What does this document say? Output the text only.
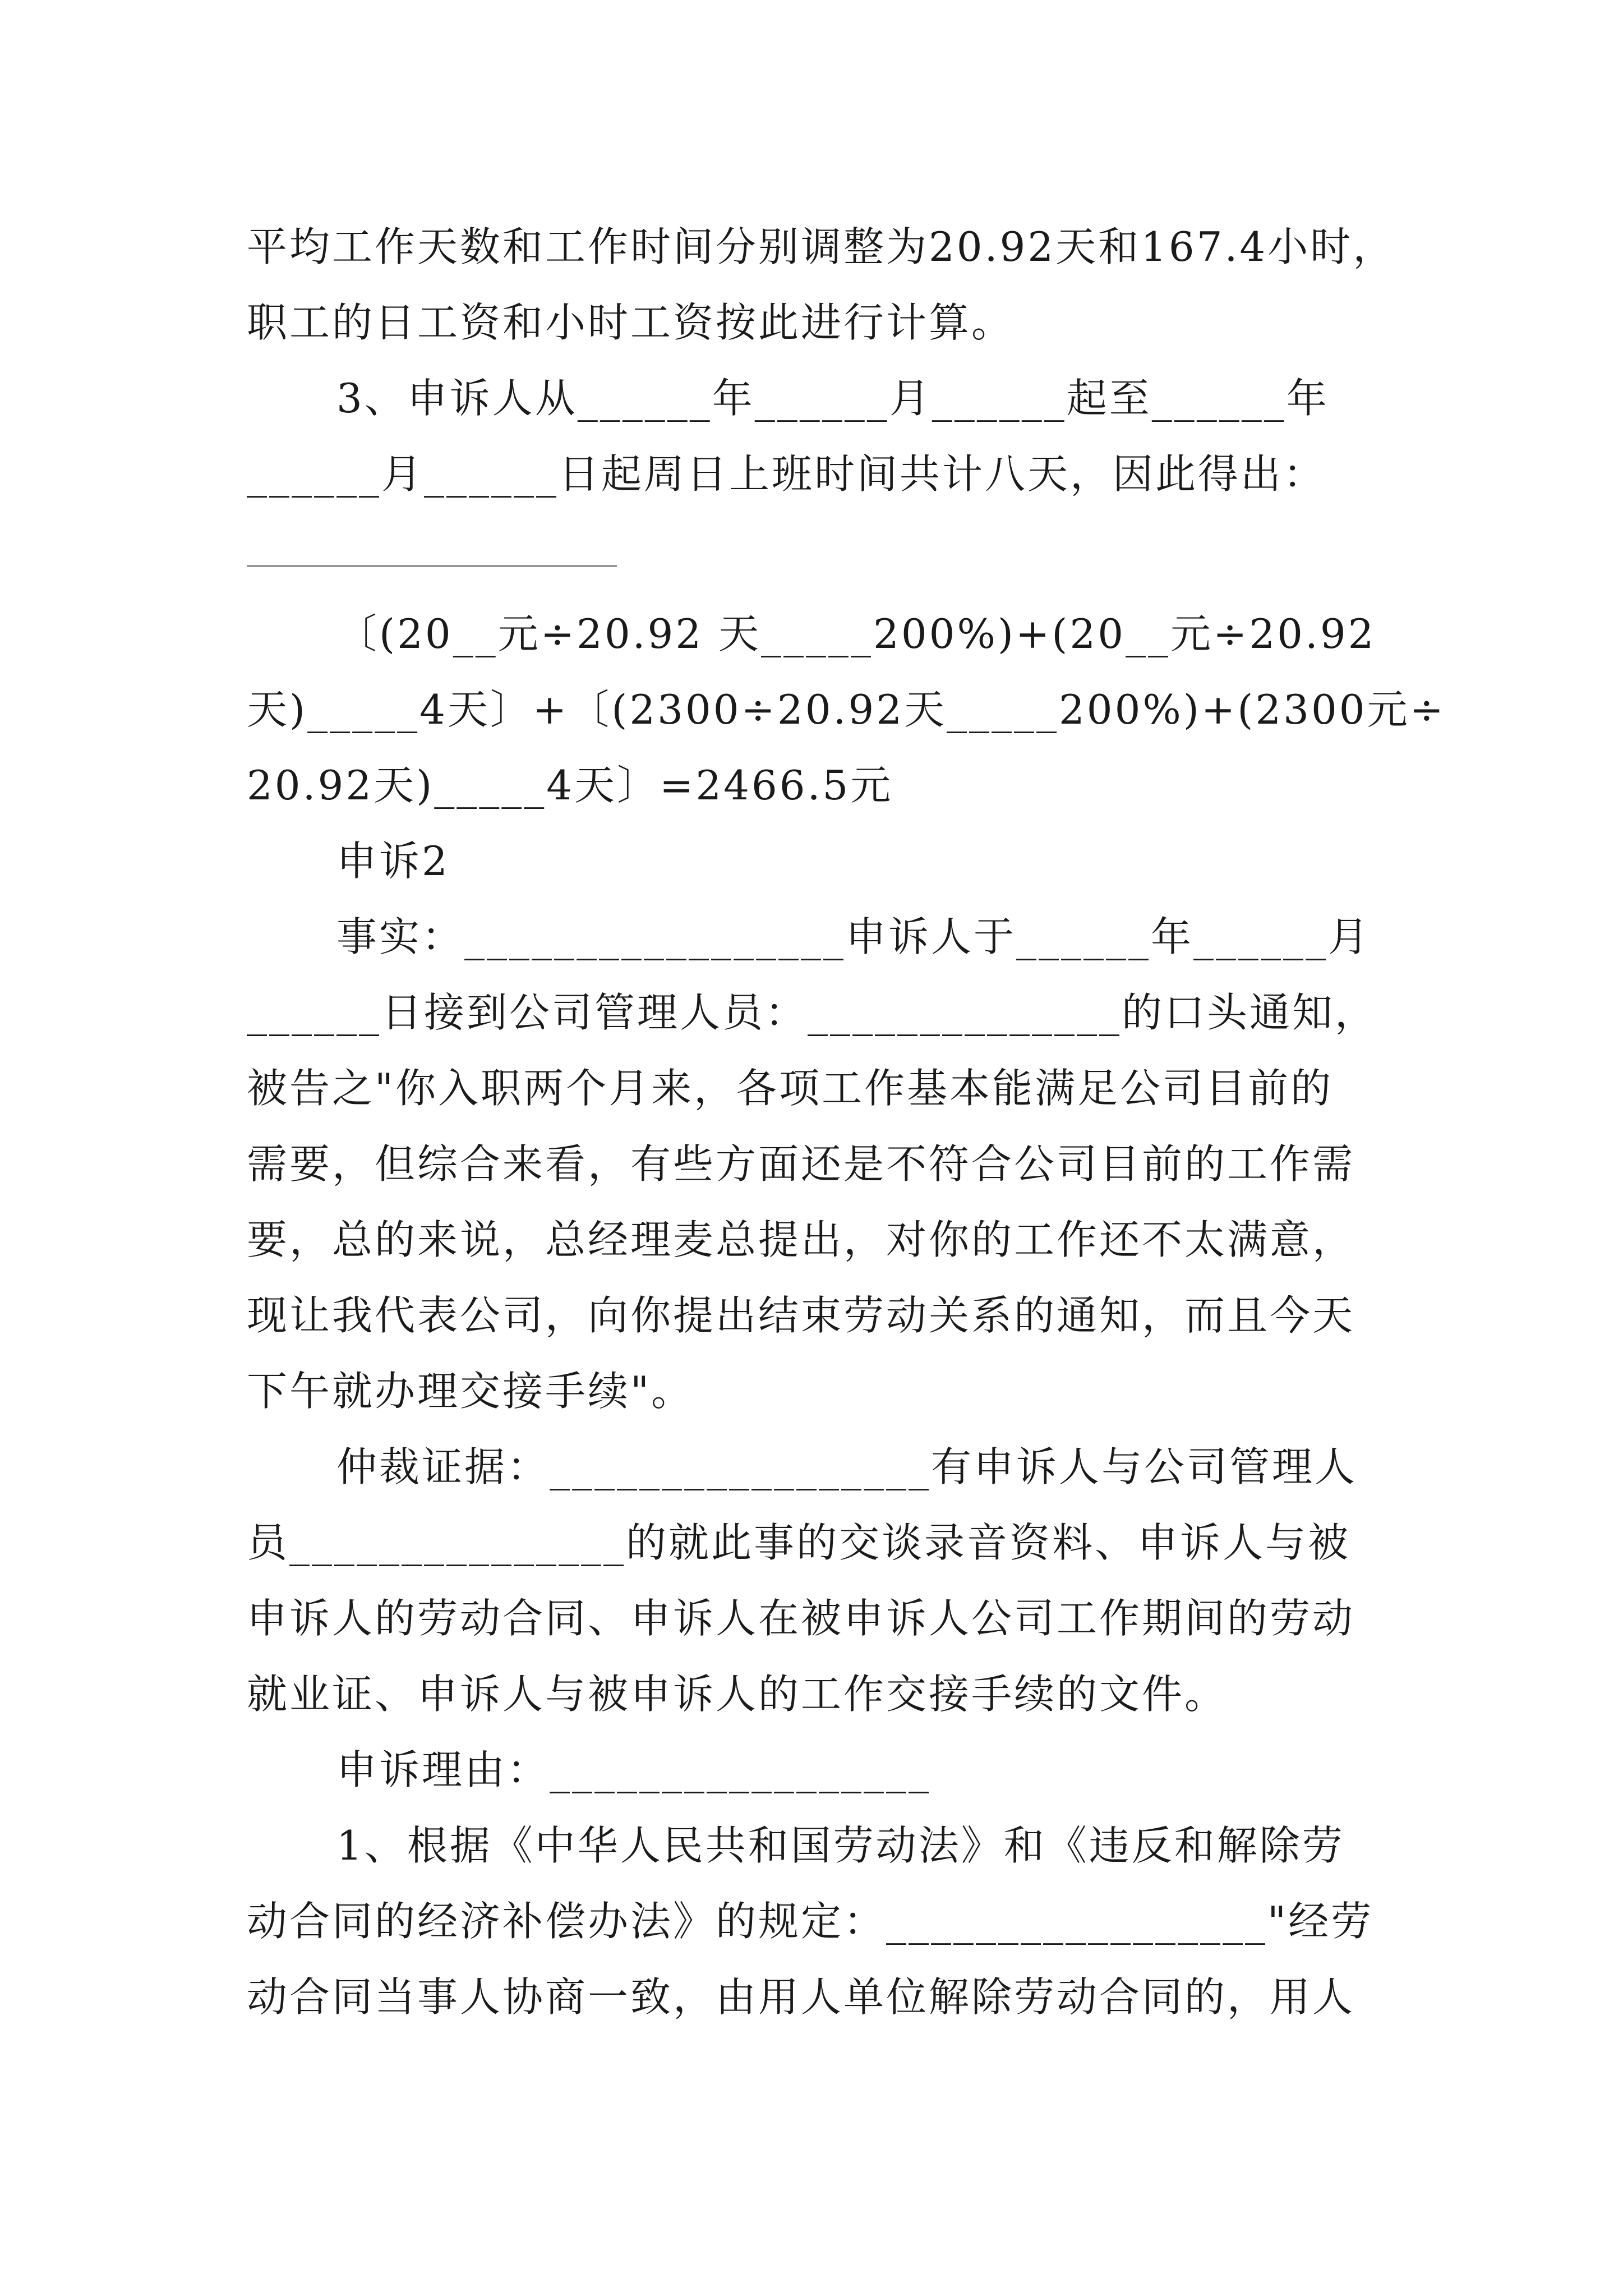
平均工作天数和工作时间分别调整为20.92天和167.4小时，
职工的日工资和小时工资按此进行计算。
3、申诉人从______年______月______起至______年
______月______日起周日上班时间共计八天，因此得出：
〔(20__元÷20.92 天_____200%)+(20__元÷20.92
天)_____4天〕+〔(2300÷20.92天_____200%)+(2300元÷
20.92天)_____4天〕=2466.5元
申诉2
事实：_________________申诉人于______年______月
______日接到公司管理人员：______________的口头通知，
被告之"你入职两个月来，各项工作基本能满足公司目前的
需要，但综合来看，有些方面还是不符合公司目前的工作需
要，总的来说，总经理麦总提出，对你的工作还不太满意，
现让我代表公司，向你提出结束劳动关系的通知，而且今天
下午就办理交接手续"。
仲裁证据：_________________有申诉人与公司管理人
员_______________的就此事的交谈录音资料、申诉人与被
申诉人的劳动合同、申诉人在被申诉人公司工作期间的劳动
就业证、申诉人与被申诉人的工作交接手续的文件。
申诉理由：_________________
1、根据《中华人民共和国劳动法》和《违反和解除劳
动合同的经济补偿办法》的规定：_________________"经劳
动合同当事人协商一致，由用人单位解除劳动合同的，用人
